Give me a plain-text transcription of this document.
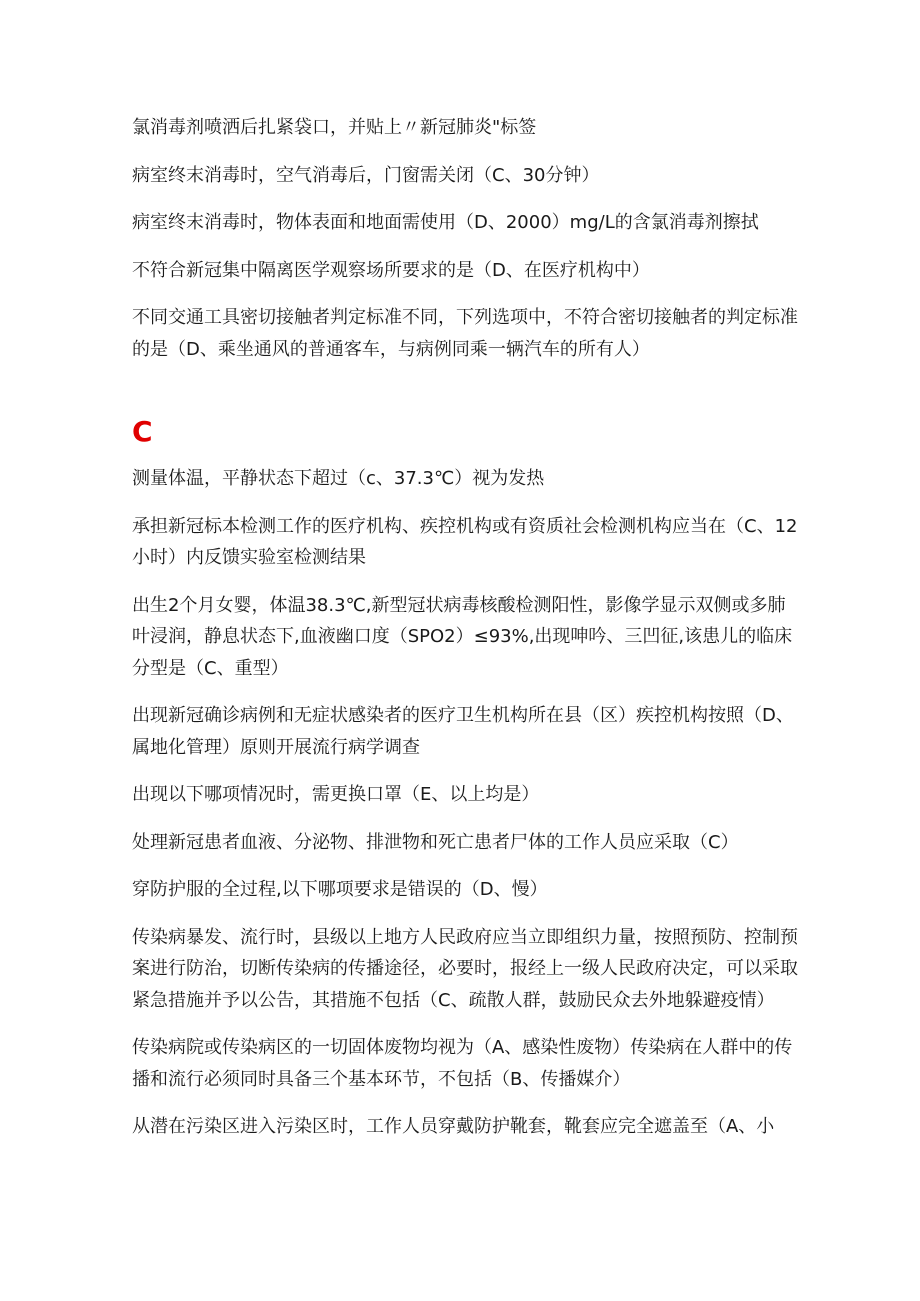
氯消毒剂喷洒后扎紧袋口，并贴上〃新冠肺炎"标签

病室终末消毒时，空气消毒后，门窗需关闭（C、30分钟）

病室终末消毒时，物体表面和地面需使用（D、2000）mg/L的含氯消毒剂擦拭

不符合新冠集中隔离医学观察场所要求的是（D、在医疗机构中）

不同交通工具密切接触者判定标准不同，下列选项中，不符合密切接触者的判定标准的是（D、乘坐通风的普通客车，与病例同乘一辆汽车的所有人）

C

测量体温，平静状态下超过（c、37.3℃）视为发热

承担新冠标本检测工作的医疗机构、疾控机构或有资质社会检测机构应当在（C、12小时）内反馈实验室检测结果

出生2个月女婴，体温38.3℃,新型冠状病毒核酸检测阳性，影像学显示双侧或多肺叶浸润，静息状态下,血液幽口度（SPO2）≤93%,出现呻吟、三凹征,该患儿的临床分型是（C、重型）

出现新冠确诊病例和无症状感染者的医疗卫生机构所在县（区）疾控机构按照（D、属地化管理）原则开展流行病学调查

出现以下哪项情况时，需更换口罩（E、以上均是）

处理新冠患者血液、分泌物、排泄物和死亡患者尸体的工作人员应采取（C）

穿防护服的全过程,以下哪项要求是错误的（D、慢）

传染病暴发、流行时，县级以上地方人民政府应当立即组织力量，按照预防、控制预案进行防治，切断传染病的传播途径，必要时，报经上一级人民政府决定，可以采取紧急措施并予以公告，其措施不包括（C、疏散人群，鼓励民众去外地躲避疫情）

传染病院或传染病区的一切固体废物均视为（A、感染性废物）传染病在人群中的传播和流行必须同时具备三个基本环节，不包括（B、传播媒介）

从潜在污染区进入污染区时，工作人员穿戴防护靴套，靴套应完全遮盖至（A、小
